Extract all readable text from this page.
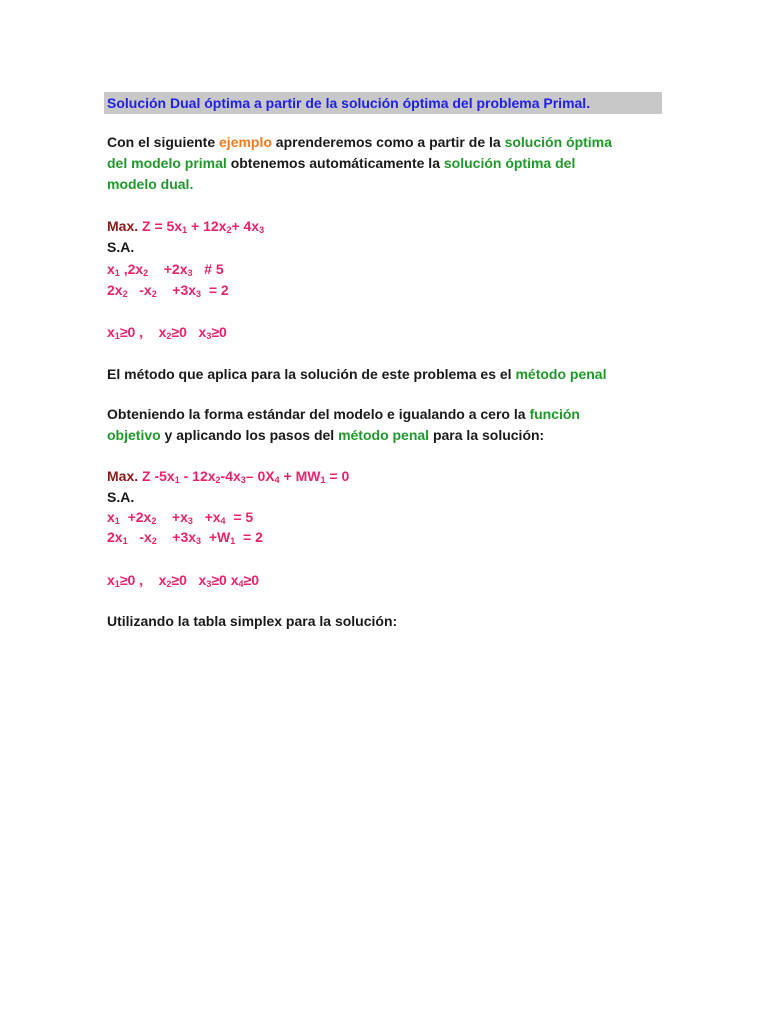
Solución Dual óptima a partir de la solución óptima del problema Primal.
Con el siguiente ejemplo aprenderemos como a partir de la solución óptima
del modelo primal obtenemos automáticamente la solución óptima del
modelo dual.
Max. $Z = 5x_1 + 12x_2+ 4x_3$
S.A.
$x_1$ $,2x_2$    $+2x_3$   # 5
$2x_2$   $-x_2$    $+3x_3 = 2$
$x_1\ge 0$ ,    $x_2\ge 0$   $x_3\ge 0$
El método que aplica para la solución de este problema es el método penal
Obteniendo la forma estándar del modelo e igualando a cero la función
objetivo y aplicando los pasos del método penal para la solución:
Max. Z $-5x_1 - 12x_2-4x_3-$ $0X_4 + MW_1 = 0$
S.A.
$x_1 +2x_2$    $+x_3 +x_4 = 5$
$2x_1$   $-x_2$    $+3x_3 +W_1 = 2$
$x_1\ge 0$ ,    $x_2\ge 0$   $x_3\ge 0$ $x_4\ge 0$
Utilizando la tabla simplex para la solución:
